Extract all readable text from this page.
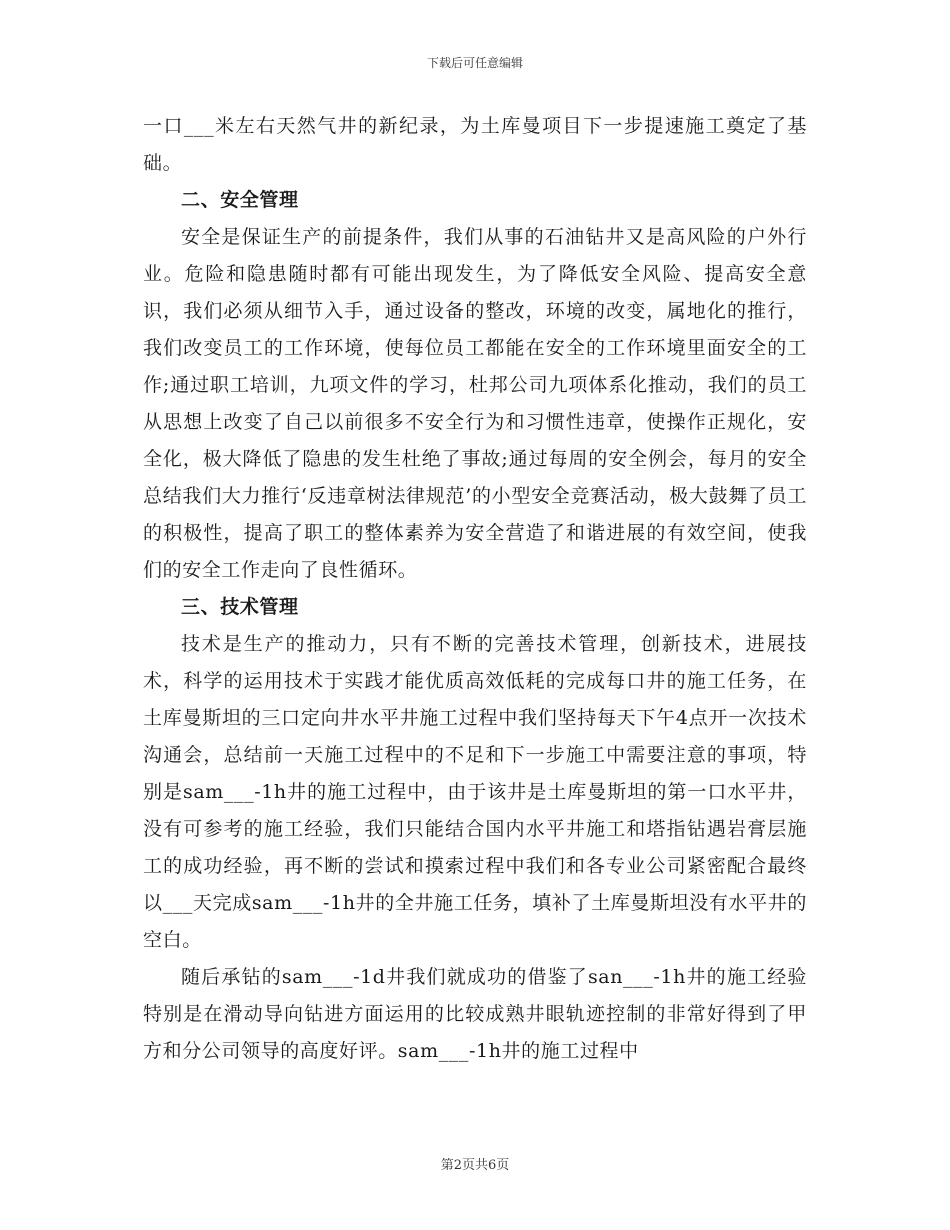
下载后可任意编辑

一口___米左右天然气井的新纪录，为土库曼项目下一步提速施工奠定了基础。

二、安全管理

安全是保证生产的前提条件，我们从事的石油钻井又是高风险的户外行业。危险和隐患随时都有可能出现发生，为了降低安全风险、提高安全意识，我们必须从细节入手，通过设备的整改，环境的改变，属地化的推行，我们改变员工的工作环境，使每位员工都能在安全的工作环境里面安全的工作;通过职工培训，九项文件的学习，杜邦公司九项体系化推动，我们的员工从思想上改变了自己以前很多不安全行为和习惯性违章，使操作正规化，安全化，极大降低了隐患的发生杜绝了事故;通过每周的安全例会，每月的安全总结我们大力推行‘反违章树法律规范’的小型安全竞赛活动，极大鼓舞了员工的积极性，提高了职工的整体素养为安全营造了和谐进展的有效空间，使我们的安全工作走向了良性循环。

三、技术管理

技术是生产的推动力，只有不断的完善技术管理，创新技术，进展技术，科学的运用技术于实践才能优质高效低耗的完成每口井的施工任务，在土库曼斯坦的三口定向井水平井施工过程中我们坚持每天下午4点开一次技术沟通会，总结前一天施工过程中的不足和下一步施工中需要注意的事项，特别是sam___-1h井的施工过程中，由于该井是土库曼斯坦的第一口水平井，没有可参考的施工经验，我们只能结合国内水平井施工和塔指钻遇岩膏层施工的成功经验，再不断的尝试和摸索过程中我们和各专业公司紧密配合最终以___天完成sam___-1h井的全井施工任务，填补了土库曼斯坦没有水平井的空白。

随后承钻的sam___-1d井我们就成功的借鉴了san___-1h井的施工经验特别是在滑动导向钻进方面运用的比较成熟井眼轨迹控制的非常好得到了甲方和分公司领导的高度好评。sam___-1h井的施工过程中

第2页共6页
